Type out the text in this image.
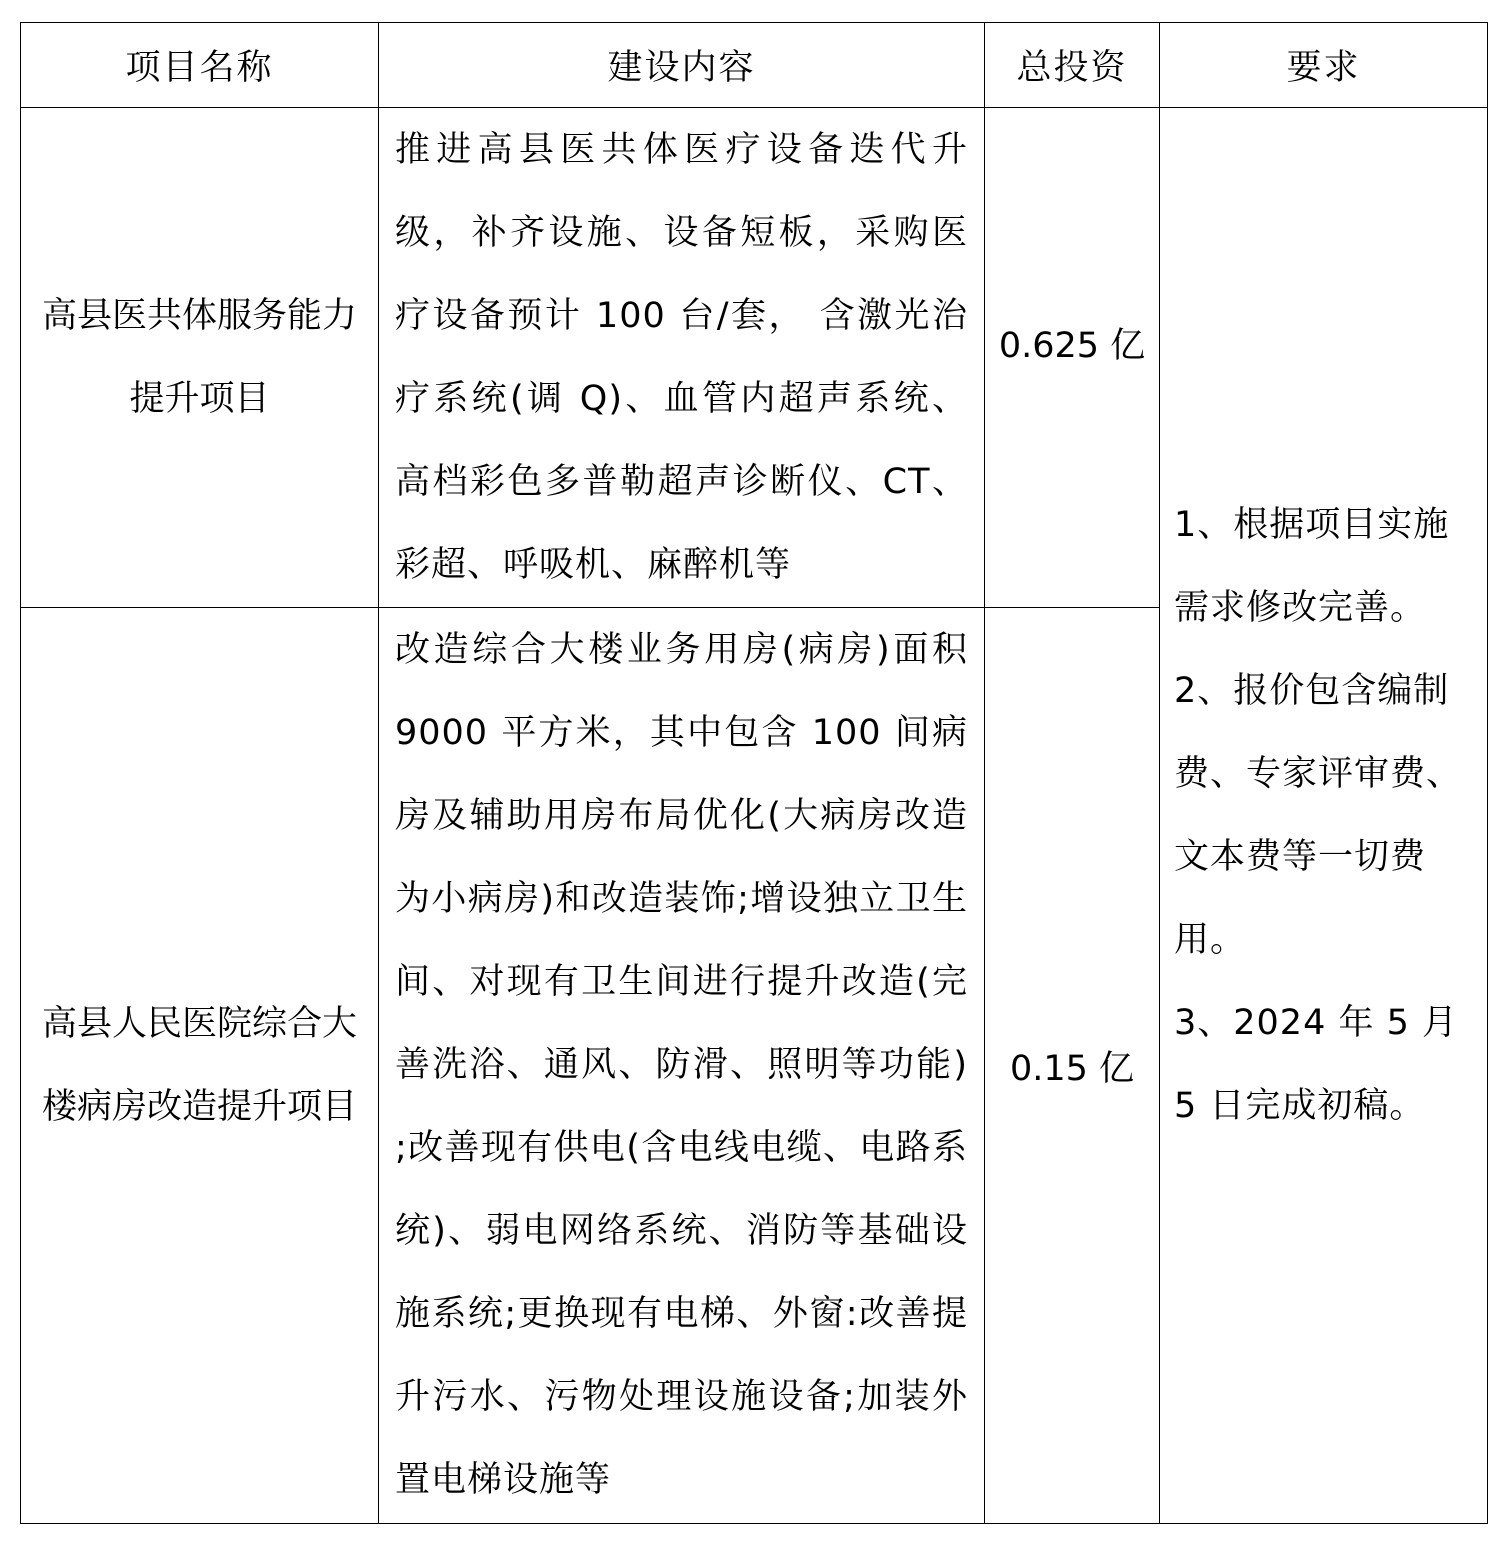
项目名称	建设内容	总投资	要求
高县医共体服务能力提升项目	推进高县医共体医疗设备迭代升级，补齐设施、设备短板，采购医疗设备预计 100 台/套， 含激光治疗系统(调 Q)、血管内超声系统、高档彩色多普勒超声诊断仪、CT、 彩超、呼吸机、麻醉机等	0.625 亿	1、根据项目实施需求修改完善。
2、报价包含编制费、专家评审费、文本费等一切费用。
3、2024 年 5 月 5 日完成初稿。

高县人民医院综合大楼病房改造提升项目	改造综合大楼业务用房(病房)面积 9000 平方米，其中包含 100 间病房及辅助用房布局优化(大病房改造为小病房)和改造装饰;增设独立卫生间、对现有卫生间进行提升改造(完善洗浴、通风、防滑、照明等功能) ;改善现有供电(含电线电缆、电路系统)、弱电网络系统、消防等基础设施系统;更换现有电梯、外窗:改善提升污水、污物处理设施设备;加装外置电梯设施等	0.15 亿	
